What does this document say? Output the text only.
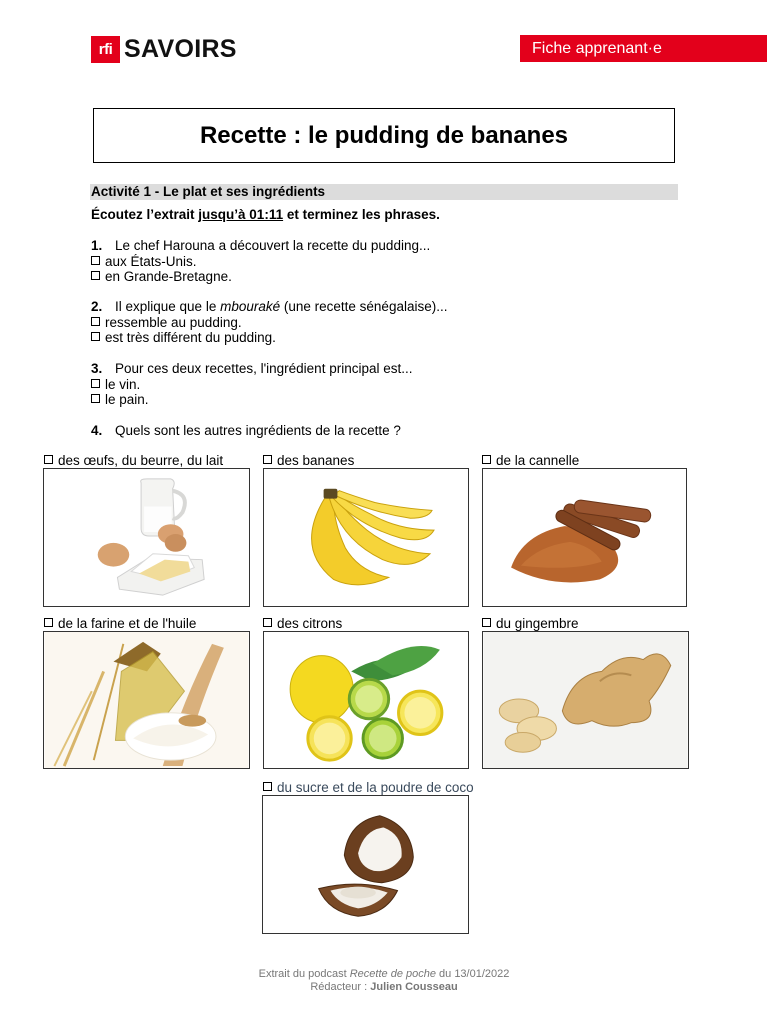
rfi SAVOIRS	Fiche apprenant·e
Recette : le pudding de bananes
Activité 1 - Le plat et ses ingrédients
Écoutez l’extrait jusqu’à 01:11 et terminez les phrases.
1. Le chef Harouna a découvert la recette du pudding...
aux États-Unis.
en Grande-Bretagne.
2. Il explique que le mbouraké (une recette sénégalaise)...
ressemble au pudding.
est très différent du pudding.
3. Pour ces deux recettes, l'ingrédient principal est...
le vin.
le pain.
4. Quels sont les autres ingrédients de la recette ?
des œufs, du beurre, du lait	des bananes	de la cannelle
de la farine et de l'huile	des citrons	du gingembre
du sucre et de la poudre de coco
Extrait du podcast Recette de poche du 13/01/2022
Rédacteur : Julien Cousseau
